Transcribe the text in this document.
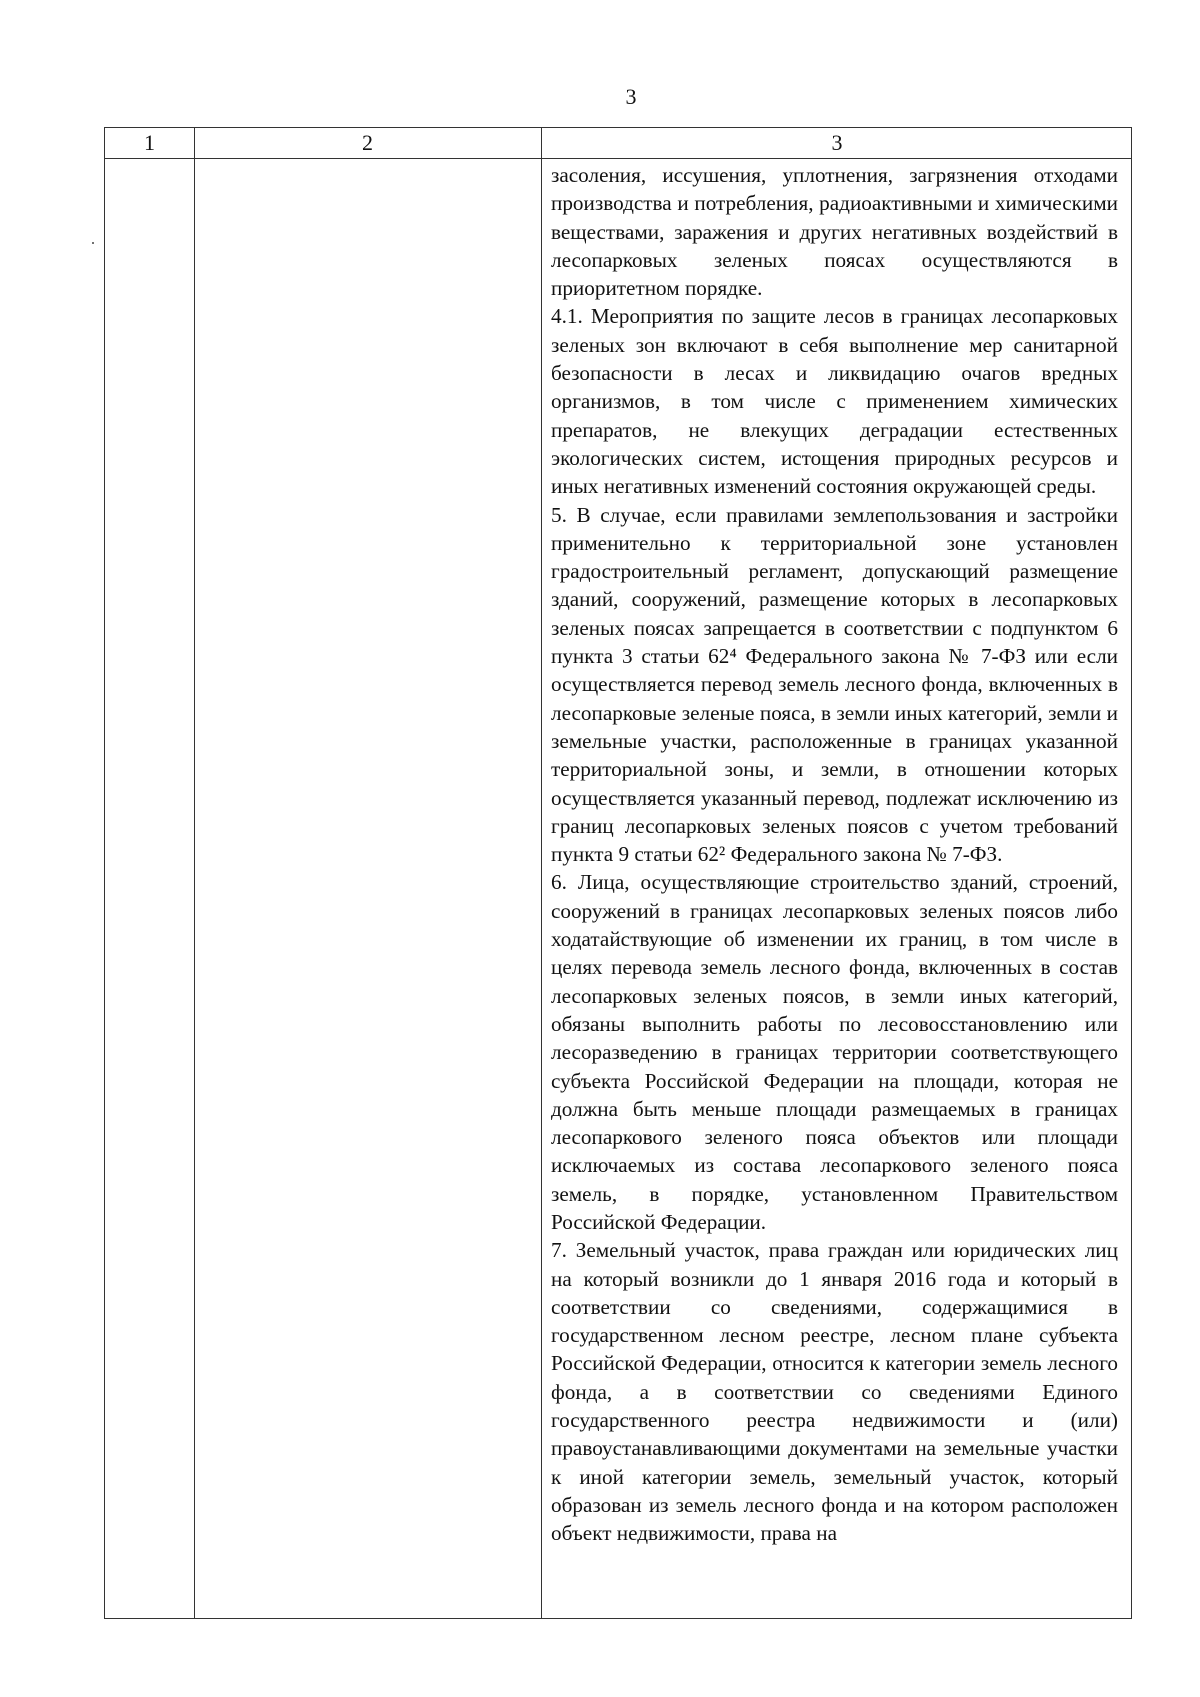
3
1	2	3

засоления, иссушения, уплотнения, загрязнения отходами производства и потребления, радиоактивными и химическими веществами, заражения и других негативных воздействий в лесопарковых зеленых поясах осуществляются в приоритетном порядке.

4.1. Мероприятия по защите лесов в границах лесопарковых зеленых зон включают в себя выполнение мер санитарной безопасности в лесах и ликвидацию очагов вредных организмов, в том числе с применением химических препаратов, не влекущих деградации естественных экологических систем, истощения природных ресурсов и иных негативных изменений состояния окружающей среды.

5. В случае, если правилами землепользования и застройки применительно к территориальной зоне установлен градостроительный регламент, допускающий размещение зданий, сооружений, размещение которых в лесопарковых зеленых поясах запрещается в соответствии с подпунктом 6 пункта 3 статьи 62⁴ Федерального закона № 7-ФЗ или если осуществляется перевод земель лесного фонда, включенных в лесопарковые зеленые пояса, в земли иных категорий, земли и земельные участки, расположенные в границах указанной территориальной зоны, и земли, в отношении которых осуществляется указанный перевод, подлежат исключению из границ лесопарковых зеленых поясов с учетом требований пункта 9 статьи 62² Федерального закона № 7-ФЗ.

6. Лица, осуществляющие строительство зданий, строений, сооружений в границах лесопарковых зеленых поясов либо ходатайствующие об изменении их границ, в том числе в целях перевода земель лесного фонда, включенных в состав лесопарковых зеленых поясов, в земли иных категорий, обязаны выполнить работы по лесовосстановлению или лесоразведению в границах территории соответствующего субъекта Российской Федерации на площади, которая не должна быть меньше площади размещаемых в границах лесопаркового зеленого пояса объектов или площади исключаемых из состава лесопаркового зеленого пояса земель, в порядке, установленном Правительством Российской Федерации.

7. Земельный участок, права граждан или юридических лиц на который возникли до 1 января 2016 года и который в соответствии со сведениями, содержащимися в государственном лесном реестре, лесном плане субъекта Российской Федерации, относится к категории земель лесного фонда, а в соответствии со сведениями Единого государственного реестра недвижимости и (или) правоустанавливающими документами на земельные участки к иной категории земель, земельный участок, который образован из земель лесного фонда и на котором расположен объект недвижимости, права на
